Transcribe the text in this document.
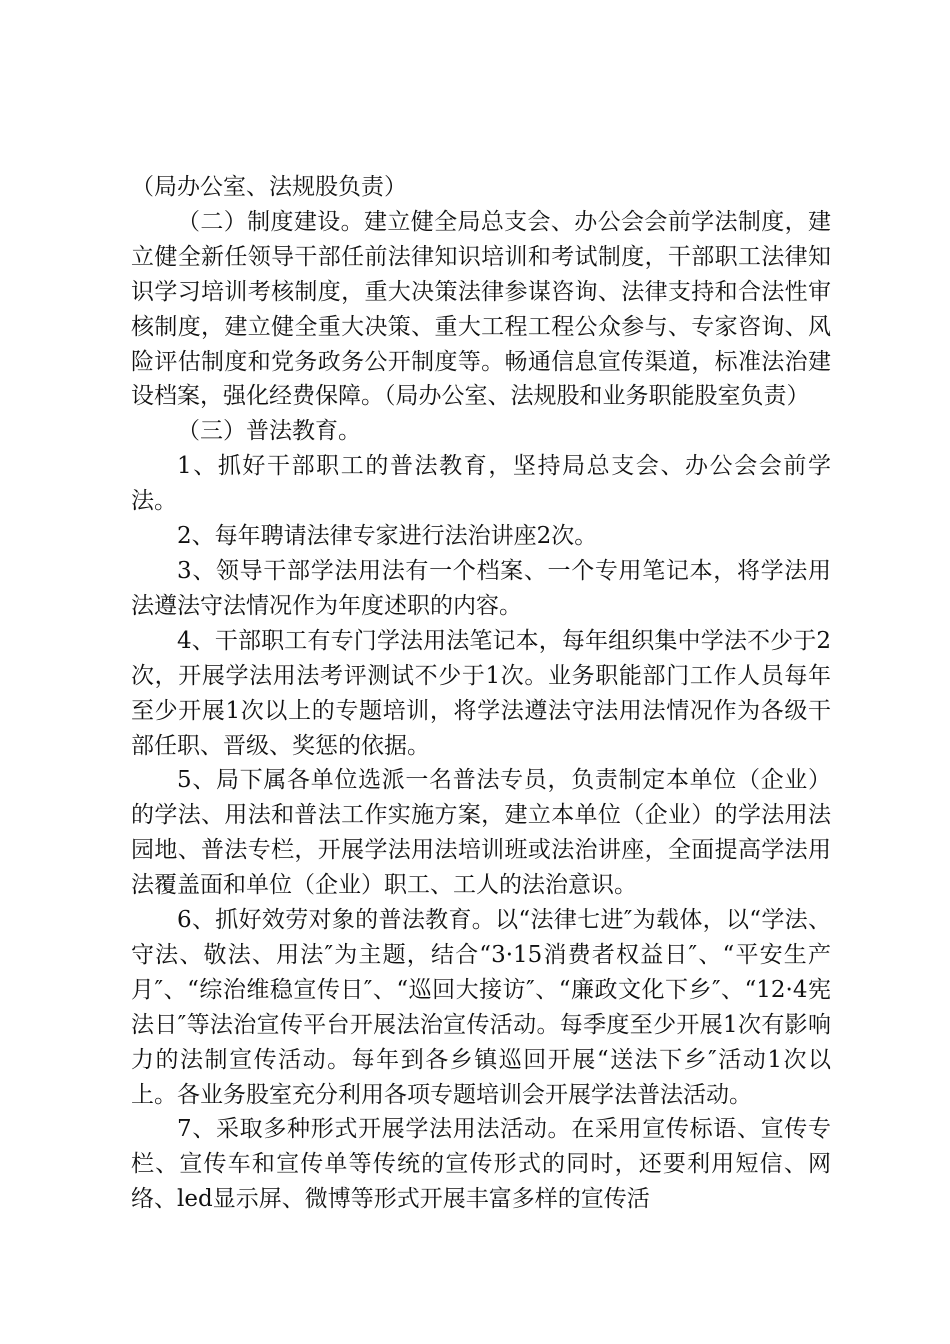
（局办公室、法规股负责）

（二）制度建设。建立健全局总支会、办公会会前学法制度，建立健全新任领导干部任前法律知识培训和考试制度，干部职工法律知识学习培训考核制度，重大决策法律参谋咨询、法律支持和合法性审核制度，建立健全重大决策、重大工程工程公众参与、专家咨询、风险评估制度和党务政务公开制度等。畅通信息宣传渠道，标准法治建设档案，强化经费保障。（局办公室、法规股和业务职能股室负责）

（三）普法教育。

1、抓好干部职工的普法教育，坚持局总支会、办公会会前学法。

2、每年聘请法律专家进行法治讲座2次。

3、领导干部学法用法有一个档案、一个专用笔记本，将学法用法遵法守法情况作为年度述职的内容。

4、干部职工有专门学法用法笔记本，每年组织集中学法不少于2次，开展学法用法考评测试不少于1次。业务职能部门工作人员每年至少开展1次以上的专题培训，将学法遵法守法用法情况作为各级干部任职、晋级、奖惩的依据。

5、局下属各单位选派一名普法专员，负责制定本单位（企业）的学法、用法和普法工作实施方案，建立本单位（企业）的学法用法园地、普法专栏，开展学法用法培训班或法治讲座，全面提高学法用法覆盖面和单位（企业）职工、工人的法治意识。

6、抓好效劳对象的普法教育。以“法律七进″为载体，以“学法、守法、敬法、用法″为主题，结合“3·15消费者权益日″、“平安生产月″、“综治维稳宣传日″、“巡回大接访″、“廉政文化下乡″、“12·4宪法日″等法治宣传平台开展法治宣传活动。每季度至少开展1次有影响力的法制宣传活动。每年到各乡镇巡回开展“送法下乡″活动1次以上。各业务股室充分利用各项专题培训会开展学法普法活动。

7、采取多种形式开展学法用法活动。在采用宣传标语、宣传专栏、宣传车和宣传单等传统的宣传形式的同时，还要利用短信、网络、led显示屏、微博等形式开展丰富多样的宣传活
